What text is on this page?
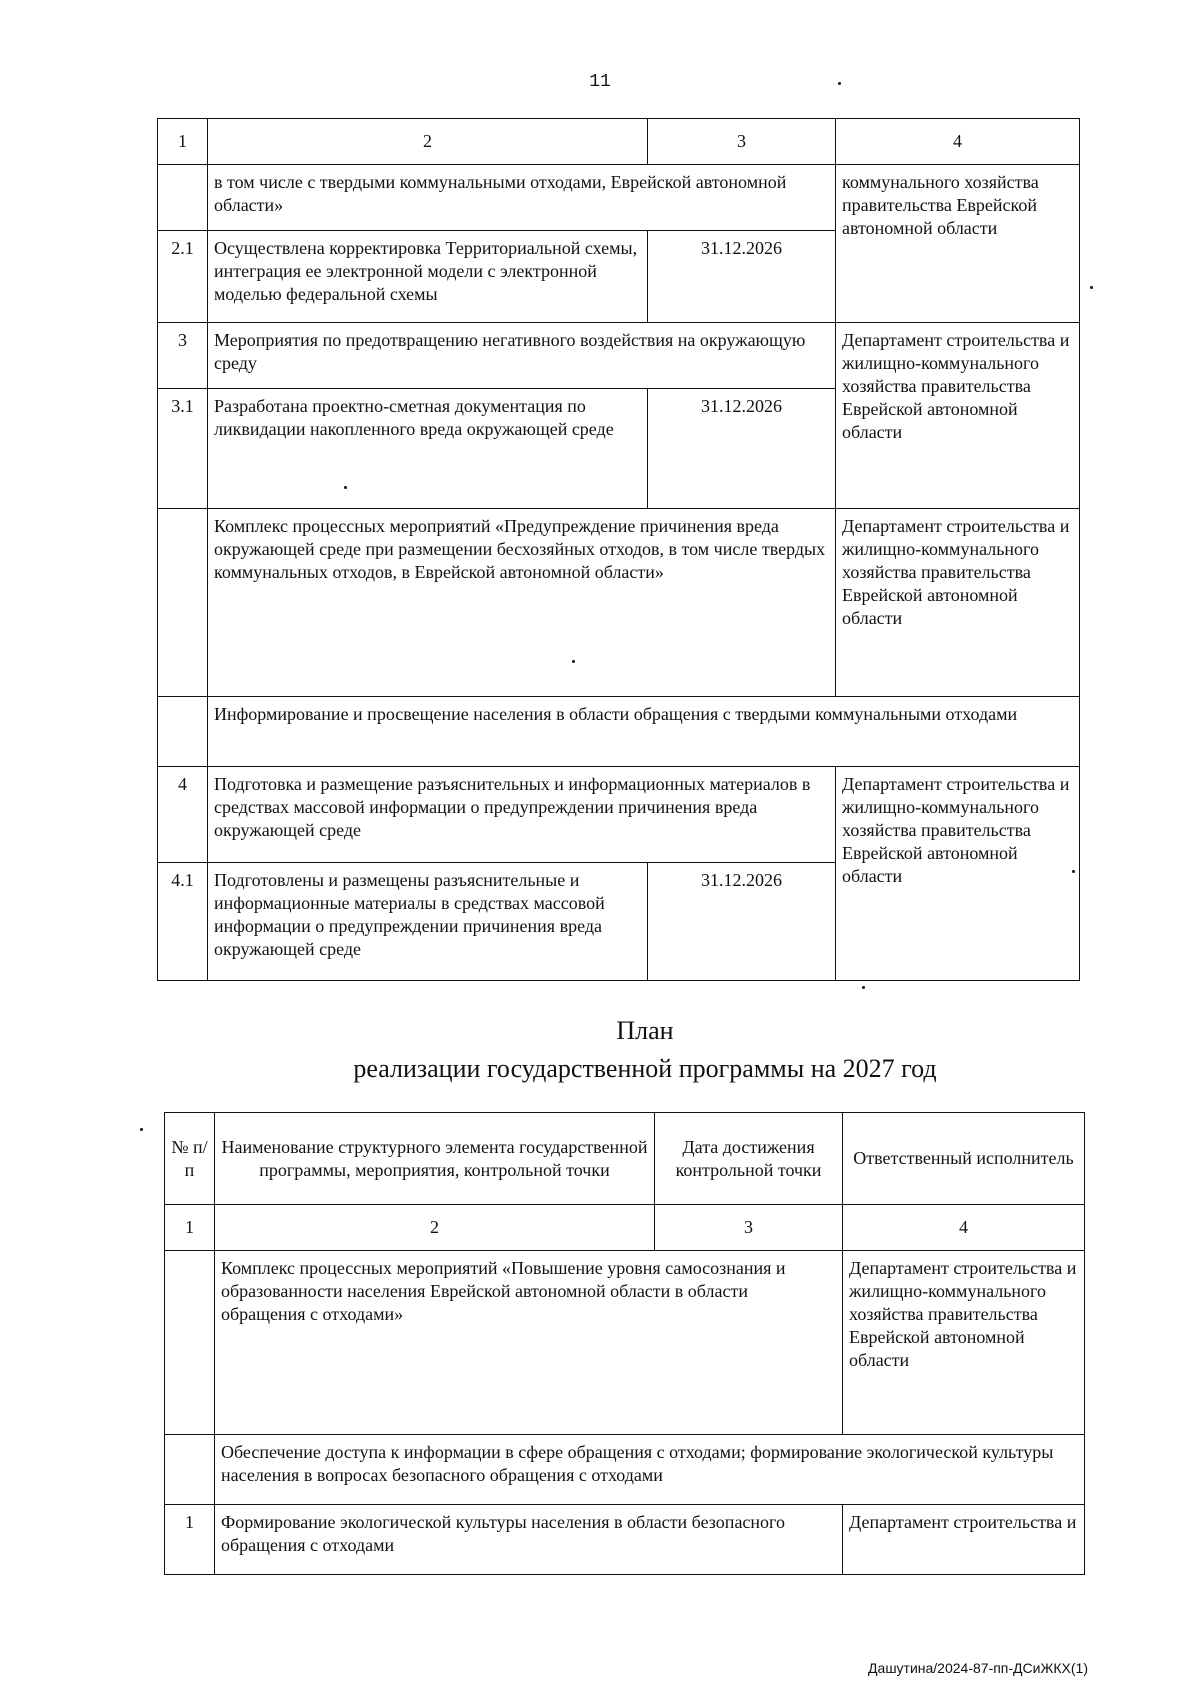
11
1	2	3	4
	в том числе с твердыми коммунальными отходами, Еврейской автономной области»		коммунального хозяйства правительства Еврейской автономной области
2.1	Осуществлена корректировка Территориальной схемы, интеграция ее электронной модели с электронной моделью федеральной схемы	31.12.2026	
3	Мероприятия по предотвращению негативного воздействия на окружающую среду		Департамент строительства и жилищно-коммунального хозяйства правительства Еврейской автономной области
3.1	Разработана проектно-сметная документация по ликвидации накопленного вреда окружающей среде	31.12.2026	
	Комплекс процессных мероприятий «Предупреждение причинения вреда окружающей среде при размещении бесхозяйных отходов, в том числе твердых коммунальных отходов, в Еврейской автономной области»		Департамент строительства и жилищно-коммунального хозяйства правительства Еврейской автономной области
	Информирование и просвещение населения в области обращения с твердыми коммунальными отходами		
4	Подготовка и размещение разъяснительных и информационных материалов в средствах массовой информации о предупреждении причинения вреда окружающей среде		Департамент строительства и жилищно-коммунального хозяйства правительства Еврейской автономной области
4.1	Подготовлены и размещены разъяснительные и информационные материалы в средствах массовой информации о предупреждении причинения вреда окружающей среде	31.12.2026	
План
реализации государственной программы на 2027 год
№ п/п	Наименование структурного элемента государственной программы, мероприятия, контрольной точки	Дата достижения контрольной точки	Ответственный исполнитель
1	2	3	4
	Комплекс процессных мероприятий «Повышение уровня самосознания и образованности населения Еврейской автономной области в области обращения с отходами»		Департамент строительства и жилищно-коммунального хозяйства правительства Еврейской автономной области
	Обеспечение доступа к информации в сфере обращения с отходами; формирование экологической культуры населения в вопросах безопасного обращения с отходами		
1	Формирование экологической культуры населения в области безопасного обращения с отходами		Департамент строительства и
Дашутина/2024-87-пп-ДСиЖКХ(1)
